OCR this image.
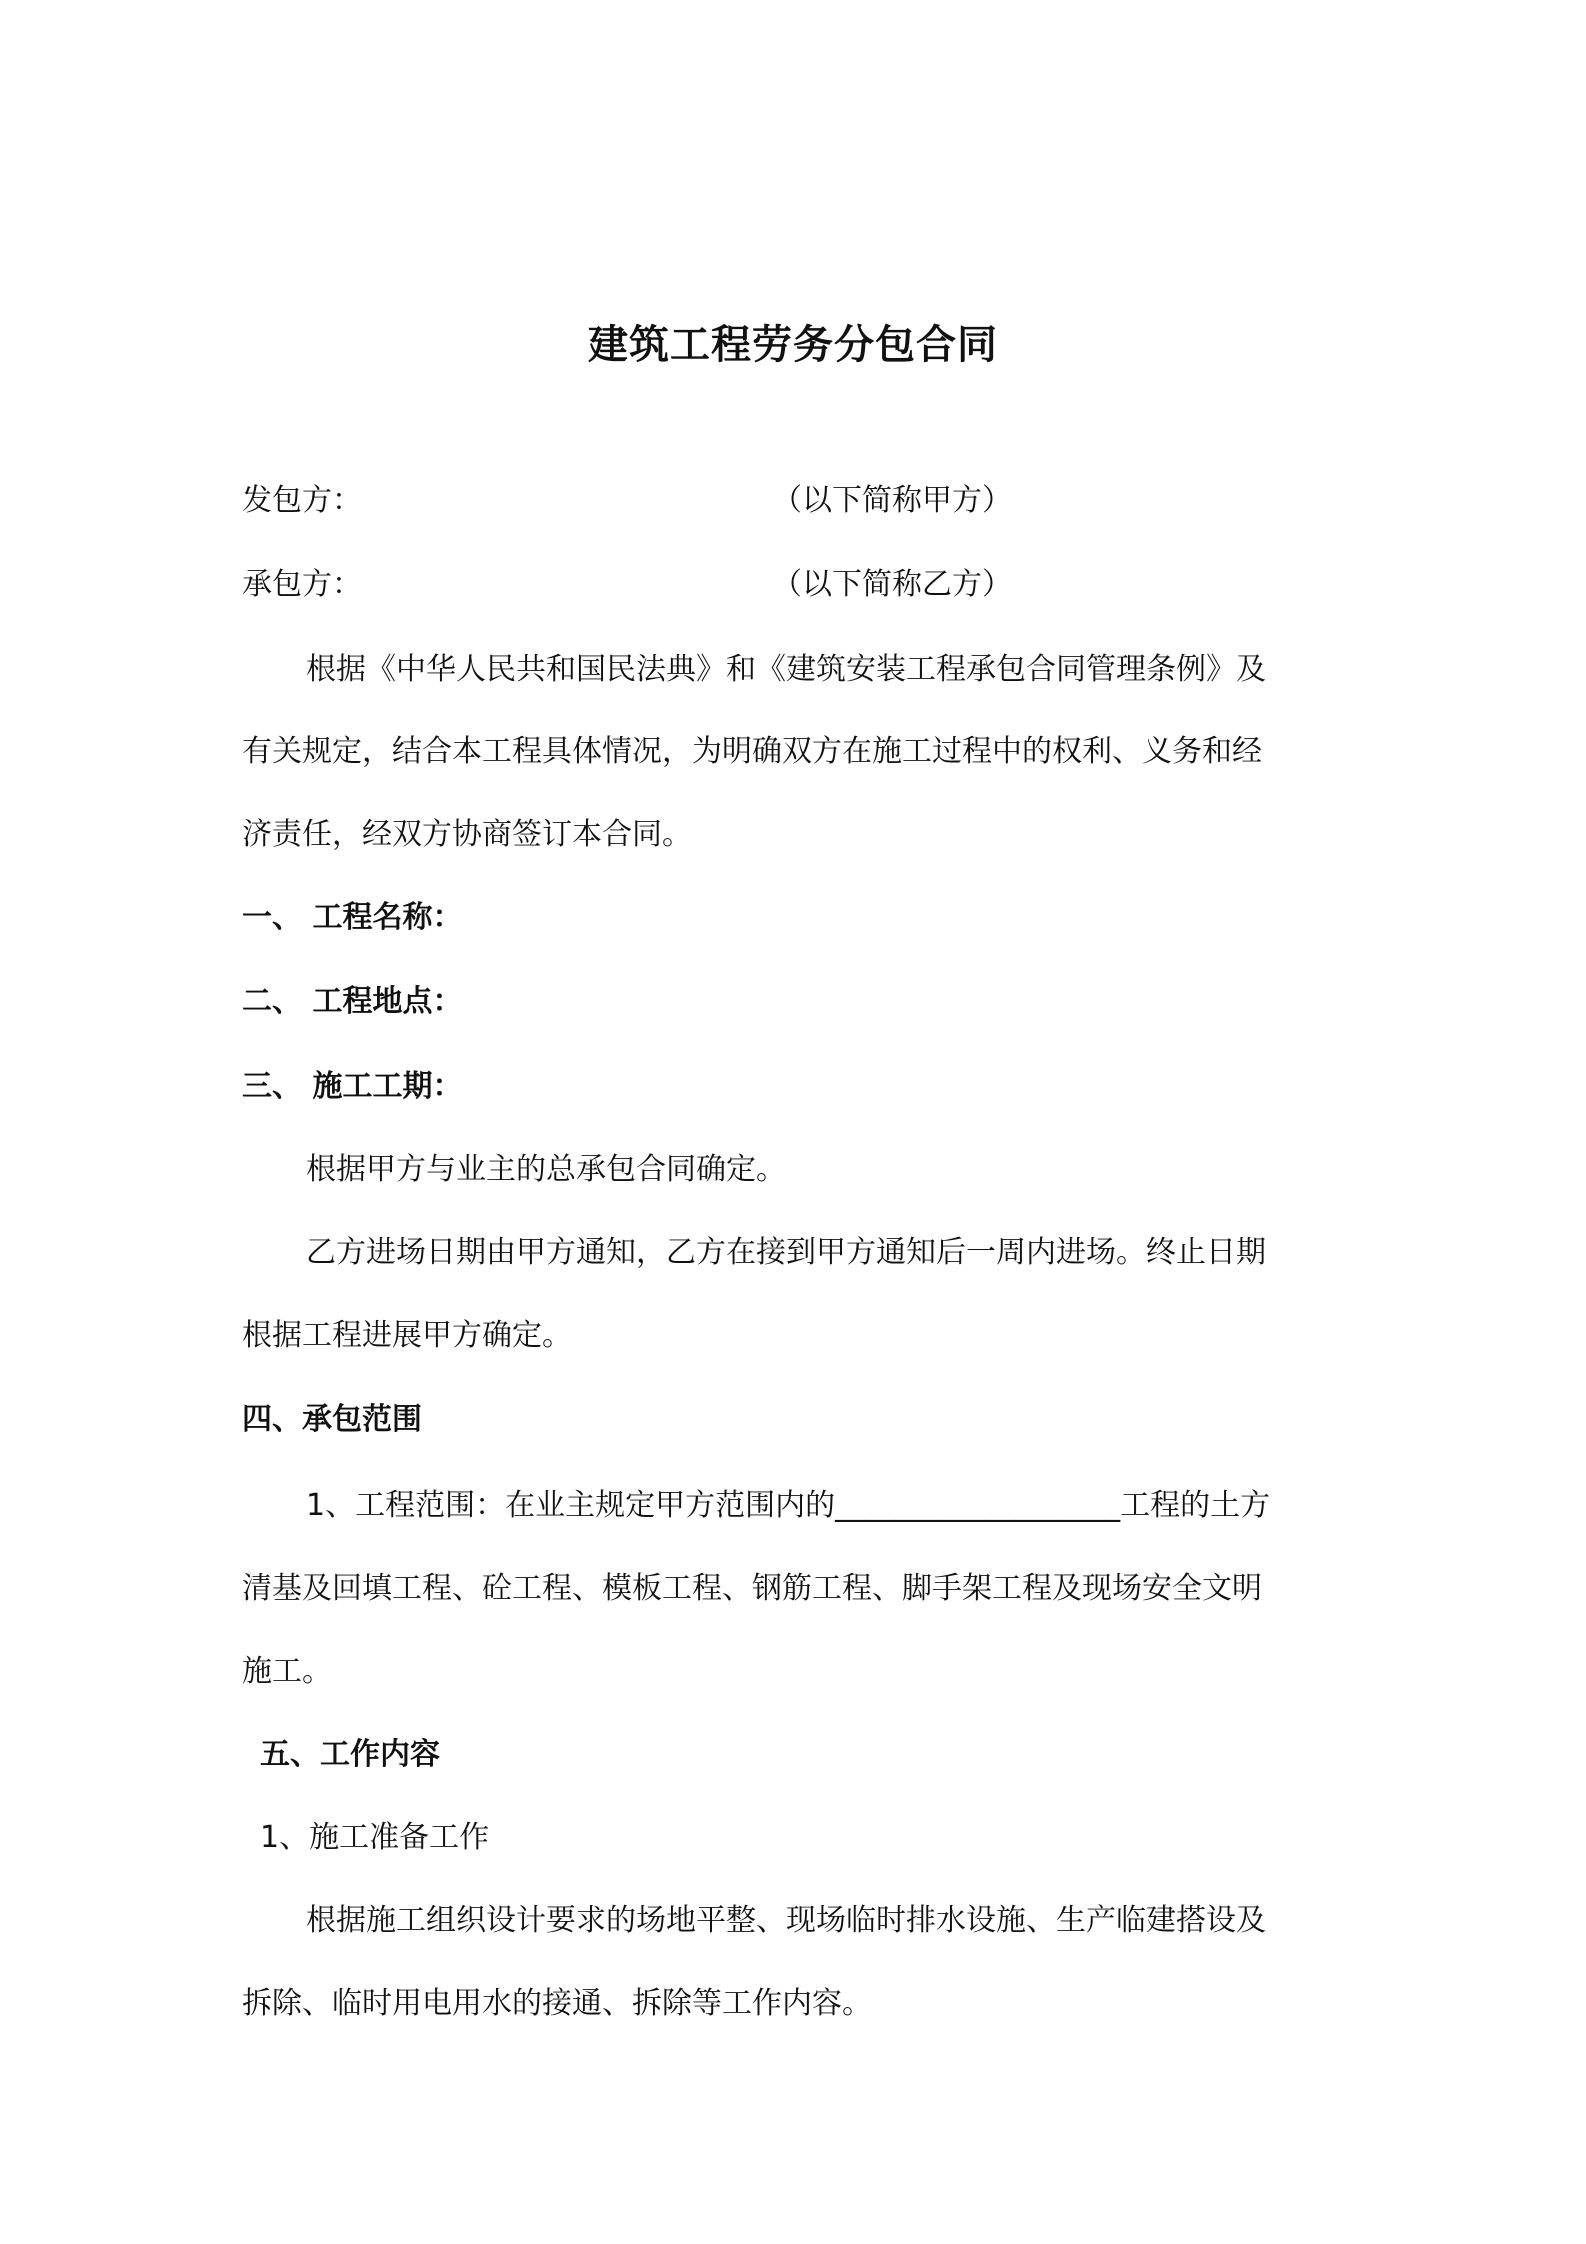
建筑工程劳务分包合同
发包方：	（以下简称甲方）
承包方：	（以下简称乙方）
根据《中华人民共和国民法典》和《建筑安装工程承包合同管理条例》及
有关规定，结合本工程具体情况，为明确双方在施工过程中的权利、义务和经
济责任，经双方协商签订本合同。
一、 工程名称：
二、 工程地点：
三、 施工工期：
根据甲方与业主的总承包合同确定。
乙方进场日期由甲方通知，乙方在接到甲方通知后一周内进场。终止日期
根据工程进展甲方确定。
四、承包范围
1、工程范围：在业主规定甲方范围内的___________________工程的土方
清基及回填工程、砼工程、模板工程、钢筋工程、脚手架工程及现场安全文明
施工。
五、工作内容
1、施工准备工作
根据施工组织设计要求的场地平整、现场临时排水设施、生产临建搭设及
拆除、临时用电用水的接通、拆除等工作内容。
